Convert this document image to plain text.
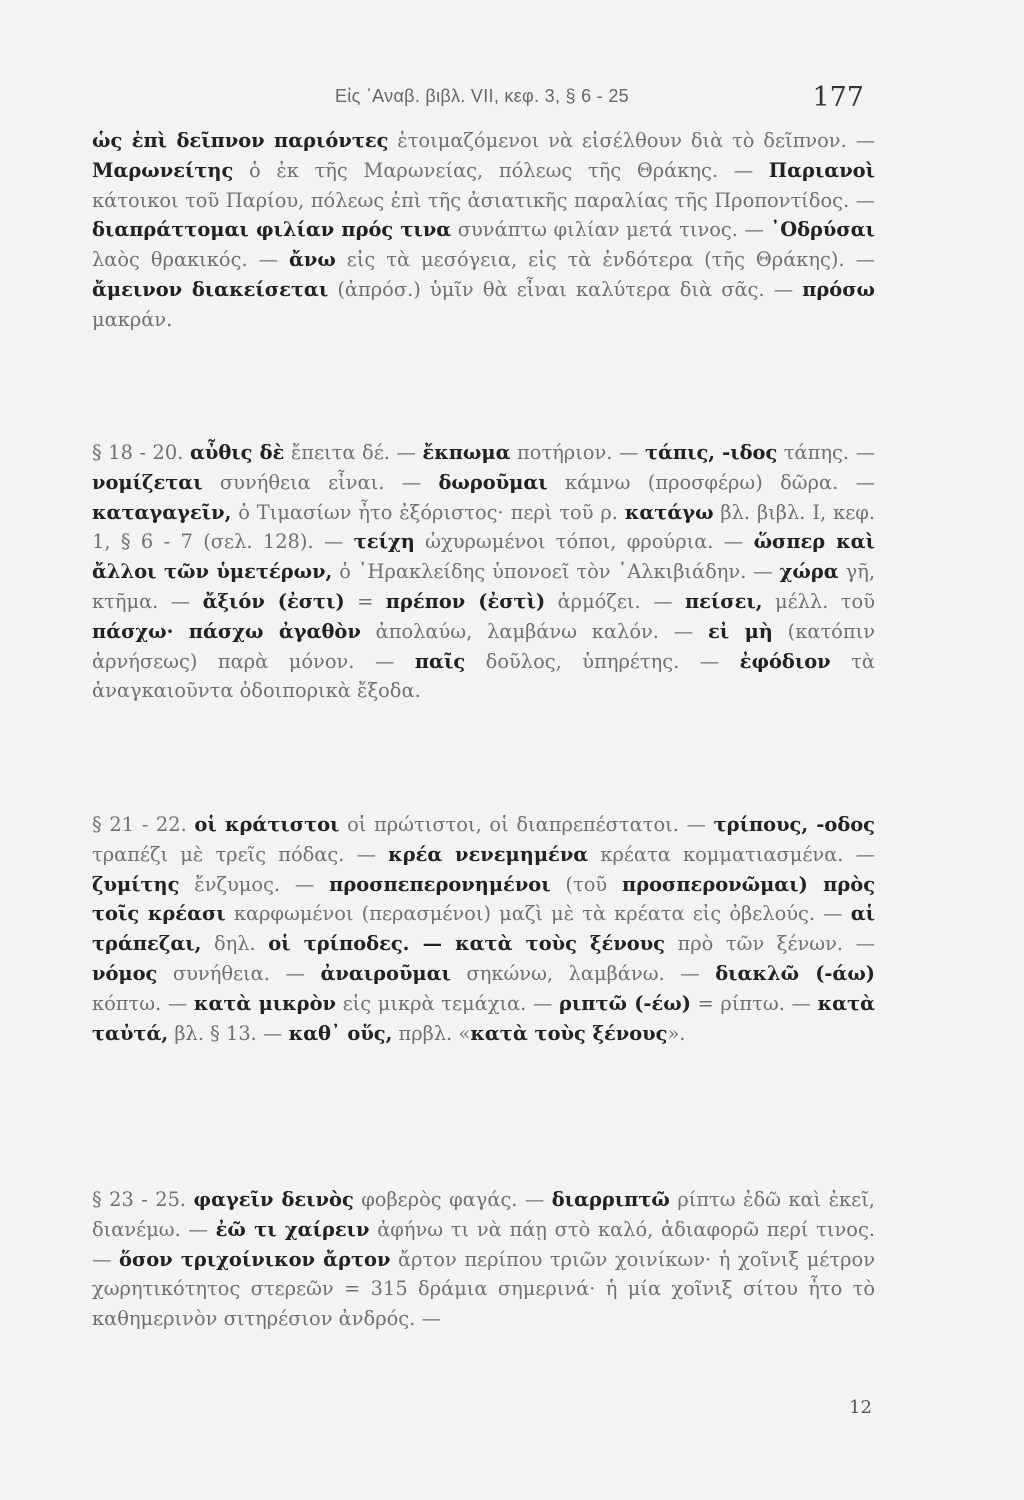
Εἰς ᾿Αναβ. βιβλ. VII, κεφ. 3, § 6 - 25	177
ὡς ἐπὶ δεῖπνον παριόντες ἑτοιμαζόμενοι νὰ εἰσέλθουν διὰ τὸ δεῖπνον. — Μαρωνείτης ὁ ἐκ τῆς Μαρωνείας, πόλεως τῆς Θράκης. — Παριανοὶ κάτοικοι τοῦ Παρίου, πόλεως ἐπὶ τῆς ἀσιατικῆς παραλίας τῆς Προποντίδος. — διαπράττομαι φιλίαν πρός τινα συνάπτω φιλίαν μετά τινος. — ᾿Οδρύσαι λαὸς θρακικός. — ἄνω εἰς τὰ μεσόγεια, εἰς τὰ ἐνδότερα (τῆς Θράκης). — ἄμεινον διακείσεται (ἀπρόσ.) ὑμῖν θὰ εἶναι καλύτερα διὰ σᾶς. — πρόσω μακράν.
§ 18 - 20. αὖθις δὲ ἔπειτα δέ. — ἔκπωμα ποτήριον. — τάπις, -ιδος τάπης. — νομίζεται συνήθεια εἶναι. — δωροῦμαι κάμνω (προσφέρω) δῶρα. — καταγαγεῖν, ὁ Τιμασίων ἦτο ἐξόριστος· περὶ τοῦ ρ. κατάγω βλ. βιβλ. I, κεφ. 1, § 6 - 7 (σελ. 128). — τείχη ὠχυρωμένοι τόποι, φρούρια. — ὥσπερ καὶ ἄλλοι τῶν ὑμετέρων, ὁ ῾Ηρακλείδης ὑπονοεῖ τὸν ᾿Αλκιβιάδην. — χώρα γῆ, κτῆμα. — ἄξιόν (ἐστι) = πρέπον (ἐστὶ) ἁρμόζει. — πείσει, μέλλ. τοῦ πάσχω· πάσχω ἀγαθὸν ἀπολαύω, λαμβάνω καλόν. — εἰ μὴ (κατόπιν ἀρνήσεως) παρὰ μόνον. — παῖς δοῦλος, ὑπηρέτης. — ἐφόδιον τὰ ἀναγκαιοῦντα ὁδοιπορικὰ ἔξοδα.
§ 21 - 22. οἱ κράτιστοι οἱ πρώτιστοι, οἱ διαπρεπέστατοι. — τρίπους, -οδος τραπέζι μὲ τρεῖς πόδας. — κρέα νενεμημένα κρέατα κομματιασμένα. — ζυμίτης ἔνζυμος. — προσπεπερονημένοι (τοῦ προσπερονῶμαι) πρὸς τοῖς κρέασι καρφωμένοι (περασμένοι) μαζὶ μὲ τὰ κρέατα εἰς ὀβελούς. — αἱ τράπεζαι, δηλ. οἱ τρίποδες. — κατὰ τοὺς ξένους πρὸ τῶν ξένων. — νόμος συνήθεια. — ἀναιροῦμαι σηκώνω, λαμβάνω. — διακλῶ (-άω) κόπτω. — κατὰ μικρὸν εἰς μικρὰ τεμάχια. — ριπτῶ (-έω) = ρίπτω. — κατὰ ταὐτά, βλ. § 13. — καθ᾿ οὕς, πρβλ. «κατὰ τοὺς ξένους».
§ 23 - 25. φαγεῖν δεινὸς φοβερὸς φαγάς. — διαρριπτῶ ρίπτω ἐδῶ καὶ ἐκεῖ, διανέμω. — ἐῶ τι χαίρειν ἀφήνω τι νὰ πάῃ στὸ καλό, ἀδιαφορῶ περί τινος. — ὅσον τριχοίνικον ἄρτον ἄρτον περίπου τριῶν χοινίκων· ἡ χοῖνιξ μέτρον χωρητικότητος στερεῶν = 315 δράμια σημερινά· ἡ μία χοῖνιξ σίτου ἦτο τὸ καθημερινὸν σιτηρέσιον ἀνδρός. —
12
